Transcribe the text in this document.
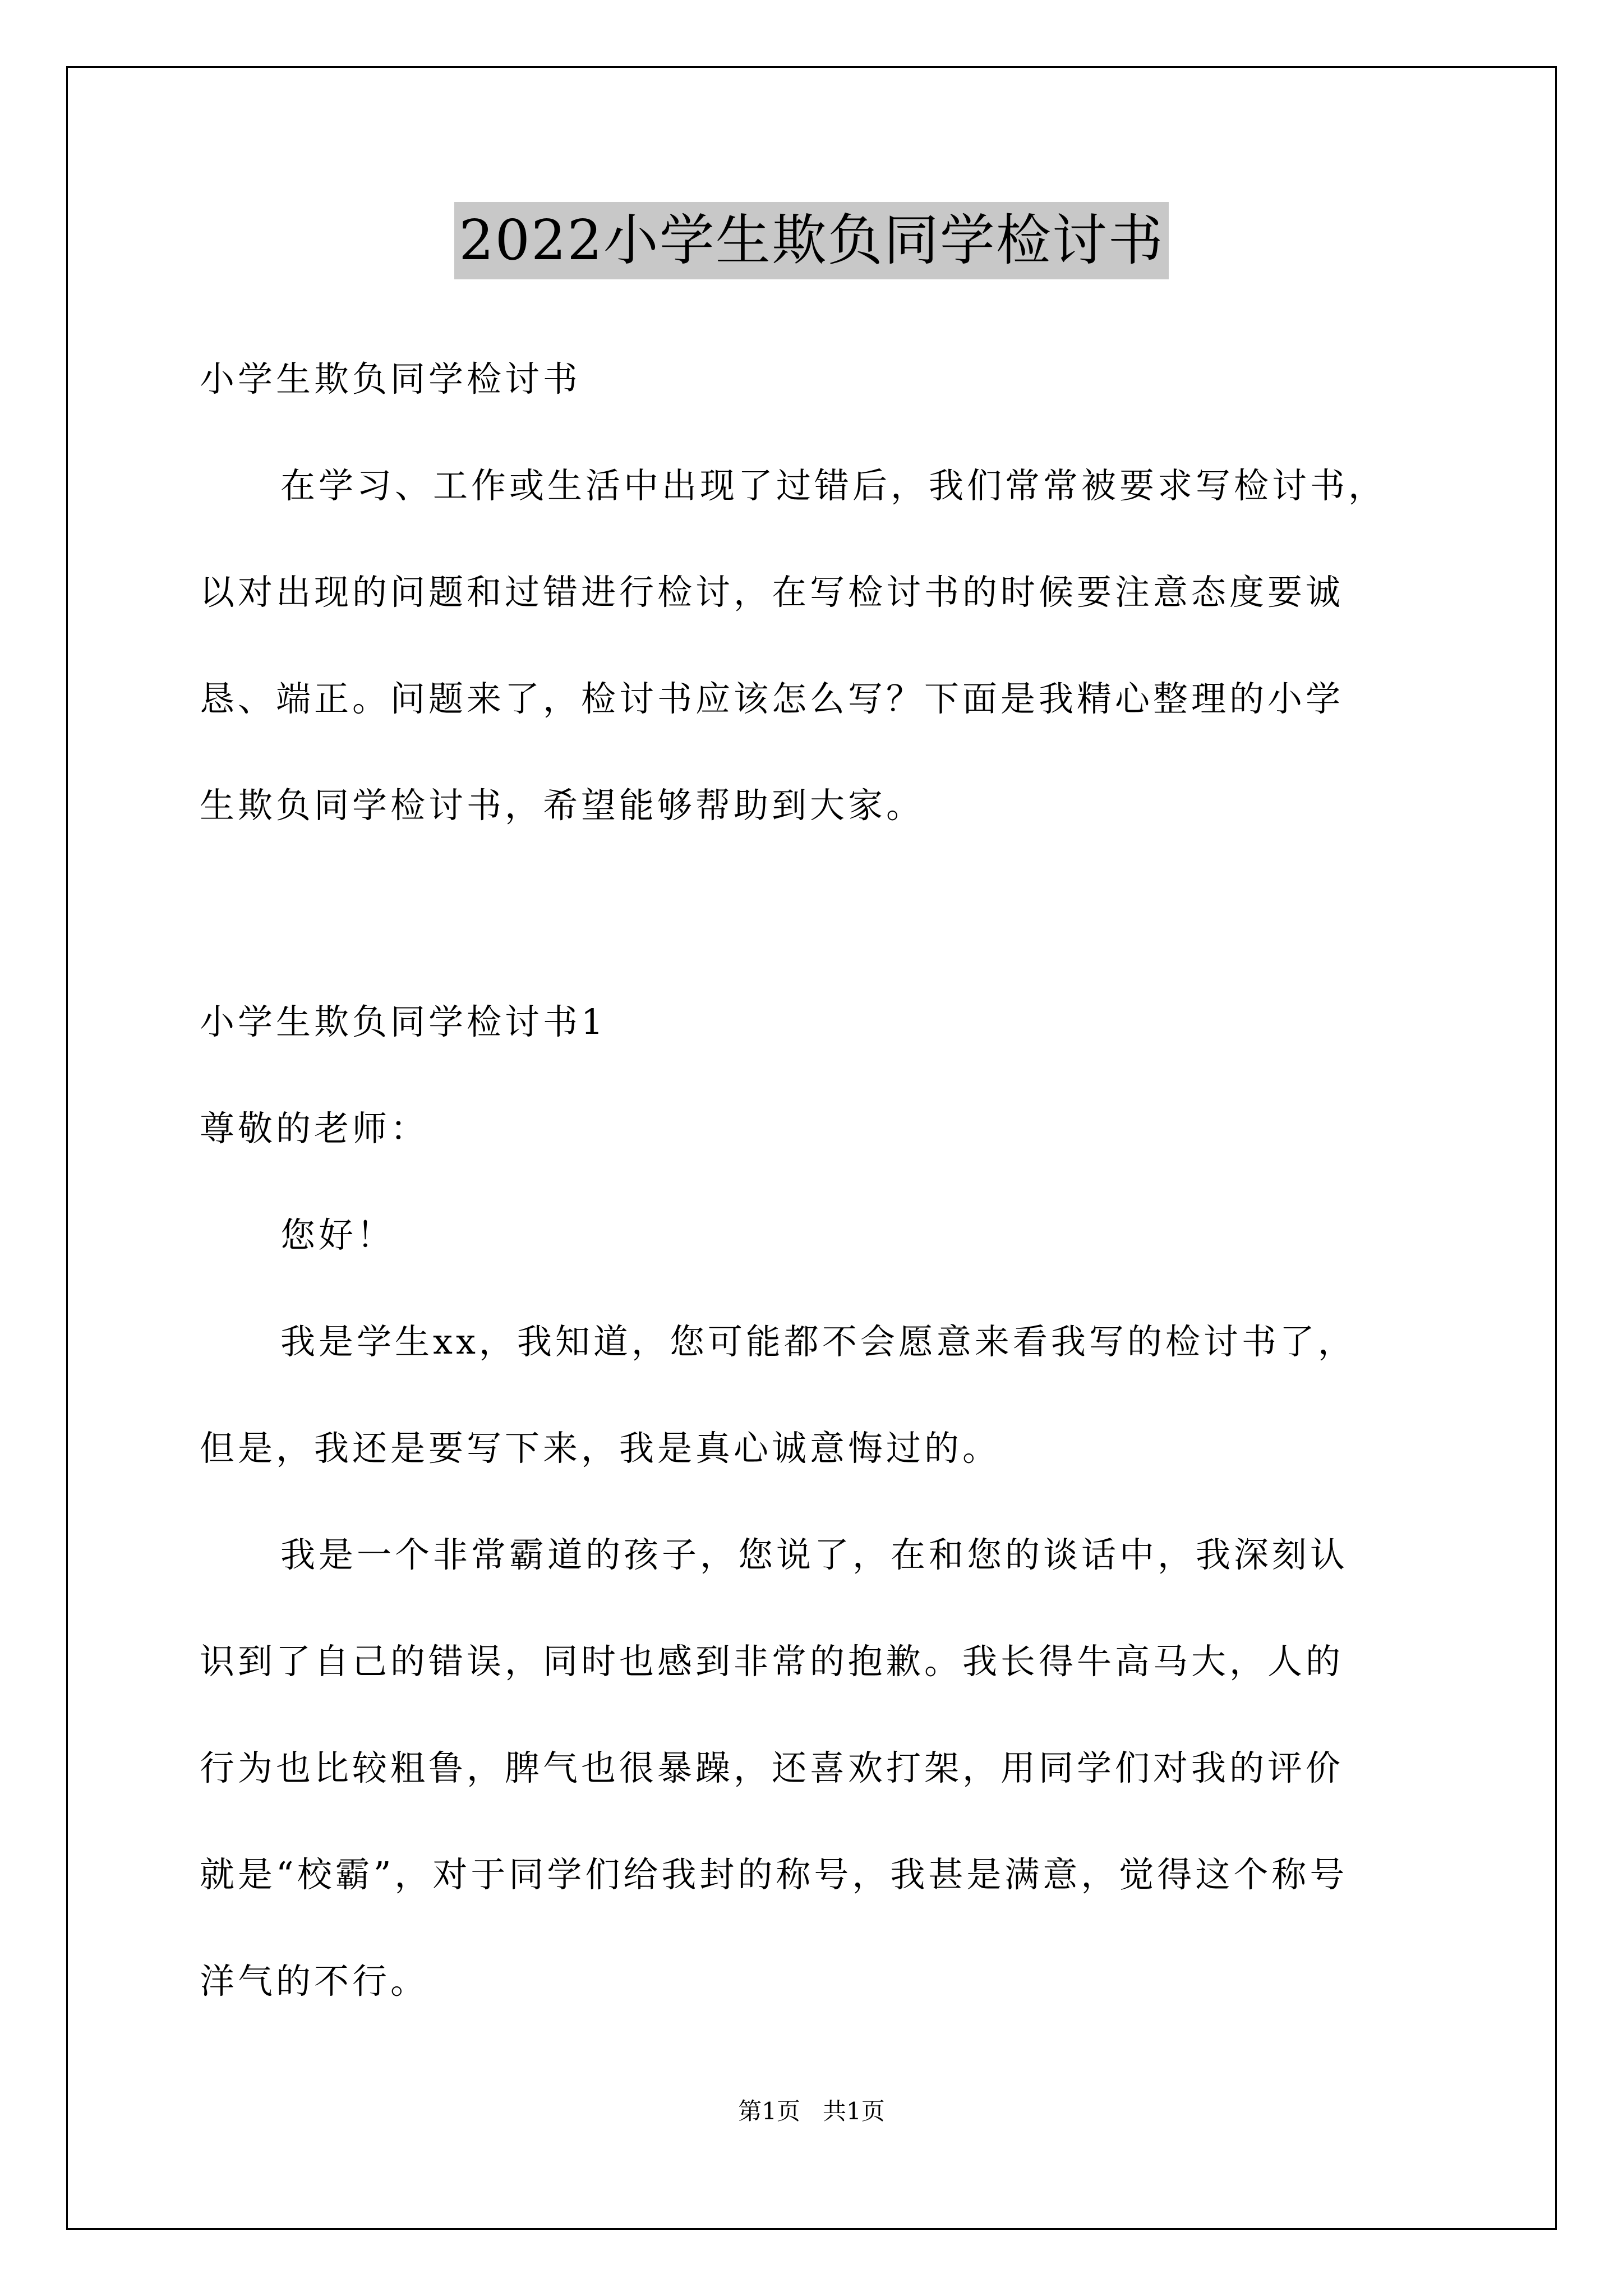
2022小学生欺负同学检讨书
小学生欺负同学检讨书
在学习、工作或生活中出现了过错后，我们常常被要求写检讨书，
以对出现的问题和过错进行检讨，在写检讨书的时候要注意态度要诚
恳、端正。问题来了，检讨书应该怎么写？下面是我精心整理的小学
生欺负同学检讨书，希望能够帮助到大家。
小学生欺负同学检讨书1
尊敬的老师：
您好！
我是学生xx，我知道，您可能都不会愿意来看我写的检讨书了，
但是，我还是要写下来，我是真心诚意悔过的。
我是一个非常霸道的孩子，您说了，在和您的谈话中，我深刻认
识到了自己的错误，同时也感到非常的抱歉。我长得牛高马大，人的
行为也比较粗鲁，脾气也很暴躁，还喜欢打架，用同学们对我的评价
就是“校霸”，对于同学们给我封的称号，我甚是满意，觉得这个称号
洋气的不行。
第1页 共1页
